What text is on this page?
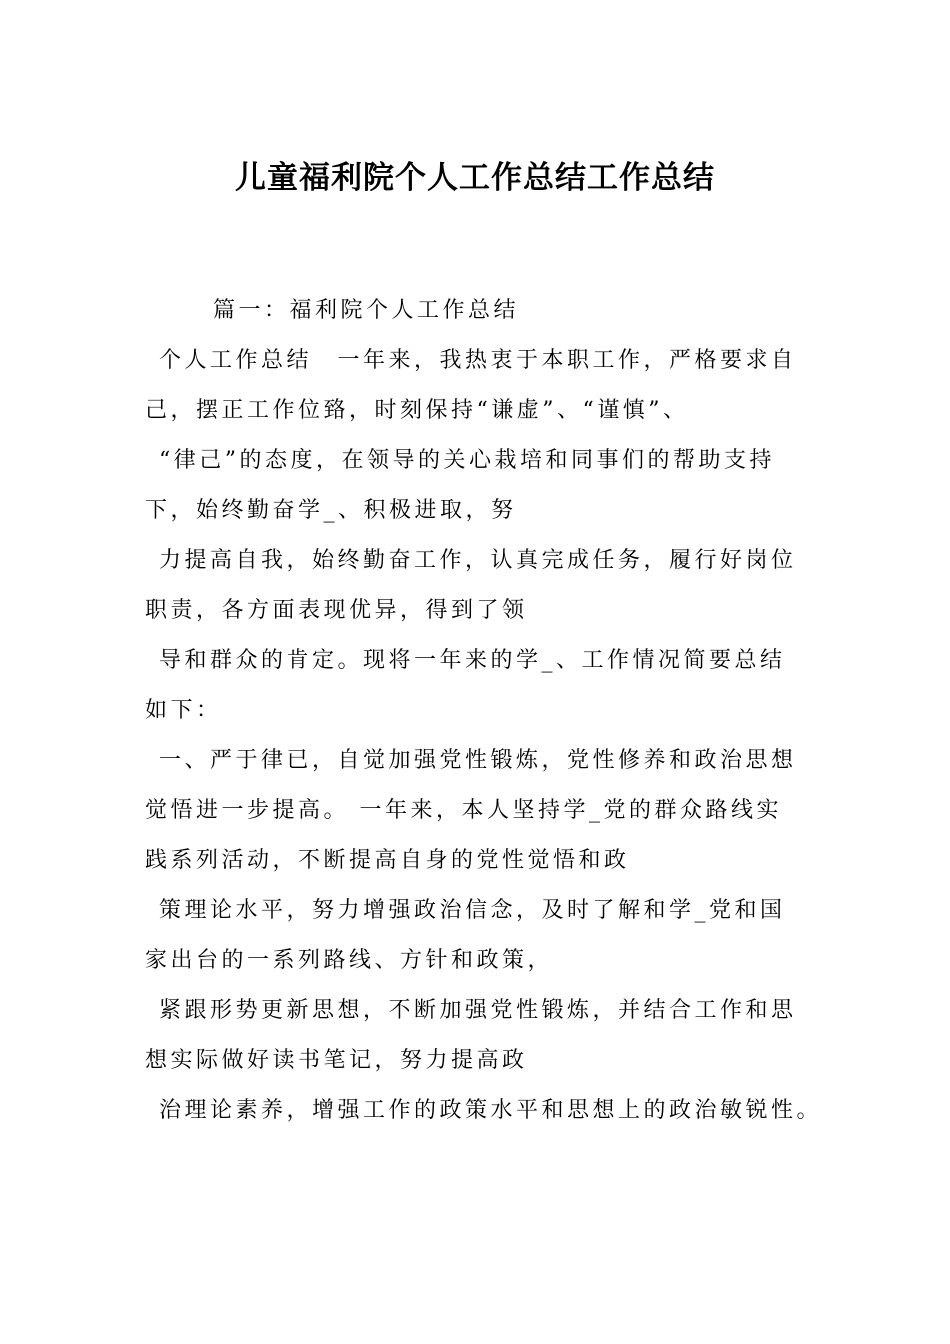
儿童福利院个人工作总结工作总结
篇一：福利院个人工作总结
个人工作总结　一年来，我热衷于本职工作，严格要求自
己，摆正工作位臵，时刻保持“谦虚”、“谨慎”、
“律己”的态度，在领导的关心栽培和同事们的帮助支持
下，始终勤奋学_、积极进取，努
力提高自我，始终勤奋工作，认真完成任务，履行好岗位
职责，各方面表现优异，得到了领
导和群众的肯定。现将一年来的学_、工作情况简要总结
如下：
一、严于律已，自觉加强党性锻炼，党性修养和政治思想
觉悟进一步提高。 一年来，本人坚持学_党的群众路线实
践系列活动，不断提高自身的党性觉悟和政
策理论水平，努力增强政治信念，及时了解和学_党和国
家出台的一系列路线、方针和政策，
紧跟形势更新思想，不断加强党性锻炼，并结合工作和思
想实际做好读书笔记，努力提高政
治理论素养，增强工作的政策水平和思想上的政治敏锐性。
